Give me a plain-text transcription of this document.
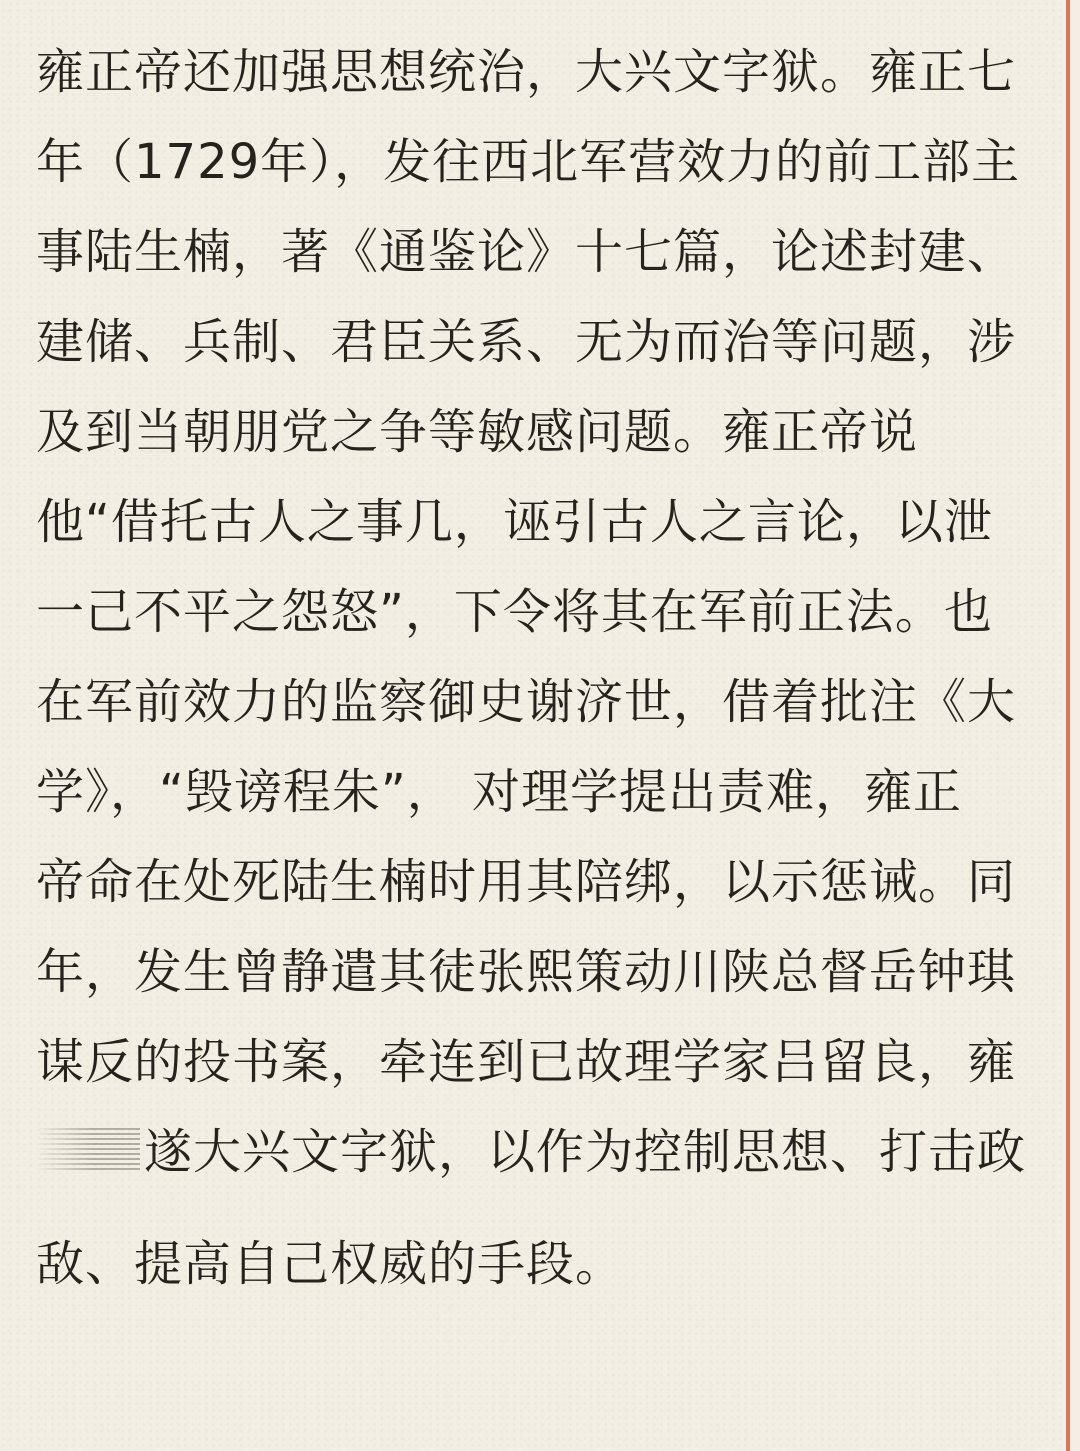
雍正帝还加强思想统治，大兴文字狱。雍正七
年（1729年），发往西北军营效力的前工部主
事陆生楠，著《通鉴论》十七篇，论述封建、
建储、兵制、君臣关系、无为而治等问题，涉
及到当朝朋党之争等敏感问题。雍正帝说
他“借托古人之事几，诬引古人之言论，以泄
一己不平之怨怒”，下令将其在军前正法。也
在军前效力的监察御史谢济世，借着批注《大
学》，“毁谤程朱”， 对理学提出责难，雍正
帝命在处死陆生楠时用其陪绑，以示惩诫。同
年，发生曾静遣其徒张熙策动川陕总督岳钟琪
谋反的投书案，牵连到已故理学家吕留良，雍
遂大兴文字狱，以作为控制思想、打击政
敌、提高自己权威的手段。
